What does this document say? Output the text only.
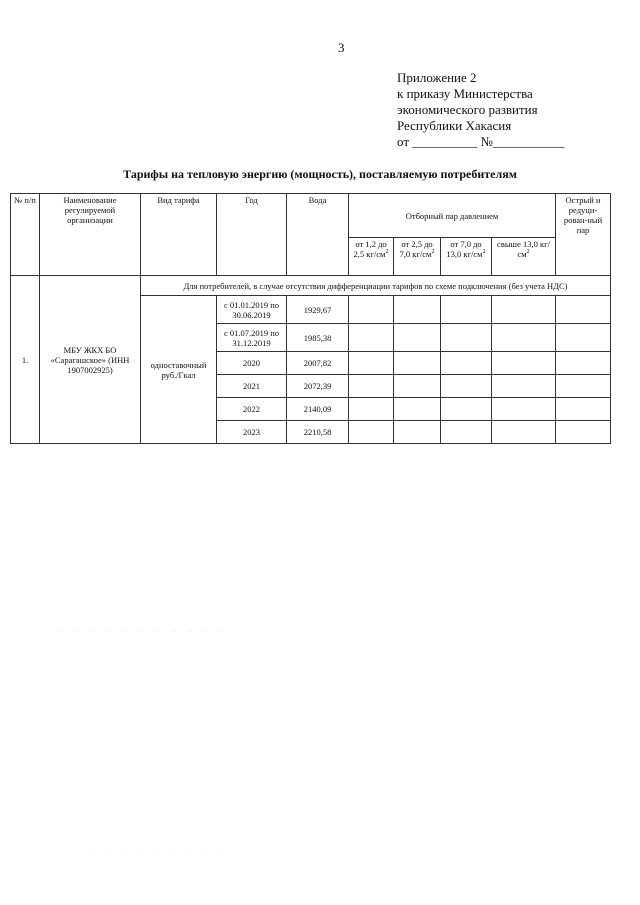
3
Приложение 2
к приказу Министерства
экономического развития
Республики Хакасия
от __________ №___________
Тарифы на тепловую энергию (мощность), поставляемую потребителям
№ п/п	Наименование регулируемой организации	Вид тарифа	Год	Вода	Отборный пар давлением				Острый и редуци-рован-ный пар
					от 1,2 до 2,5 $кг/см^2$	от 2,5 до 7,0 $кг/см^2$	от 7,0 до 13,0 $кг/см^2$	свыше 13,0 $кг/см^2$
1.	МБУ ЖКХ БО «Сарагашское» (ИНН 1907002925)	Для потребителей, в случае отсутствия дифференциации тарифов по схеме подключения (без учета НДС)							
		одноставочный руб./Гкал	с 01.01.2019 по 30.06.2019	1929,67					
			с 01.07.2019 по 31.12.2019	1985,38					
			2020	2007,82					
			2021	2072,39					
			2022	2140,09					
			2023	2210,58					
· · · · · · · · · · ·
· · · · · · · · ·
